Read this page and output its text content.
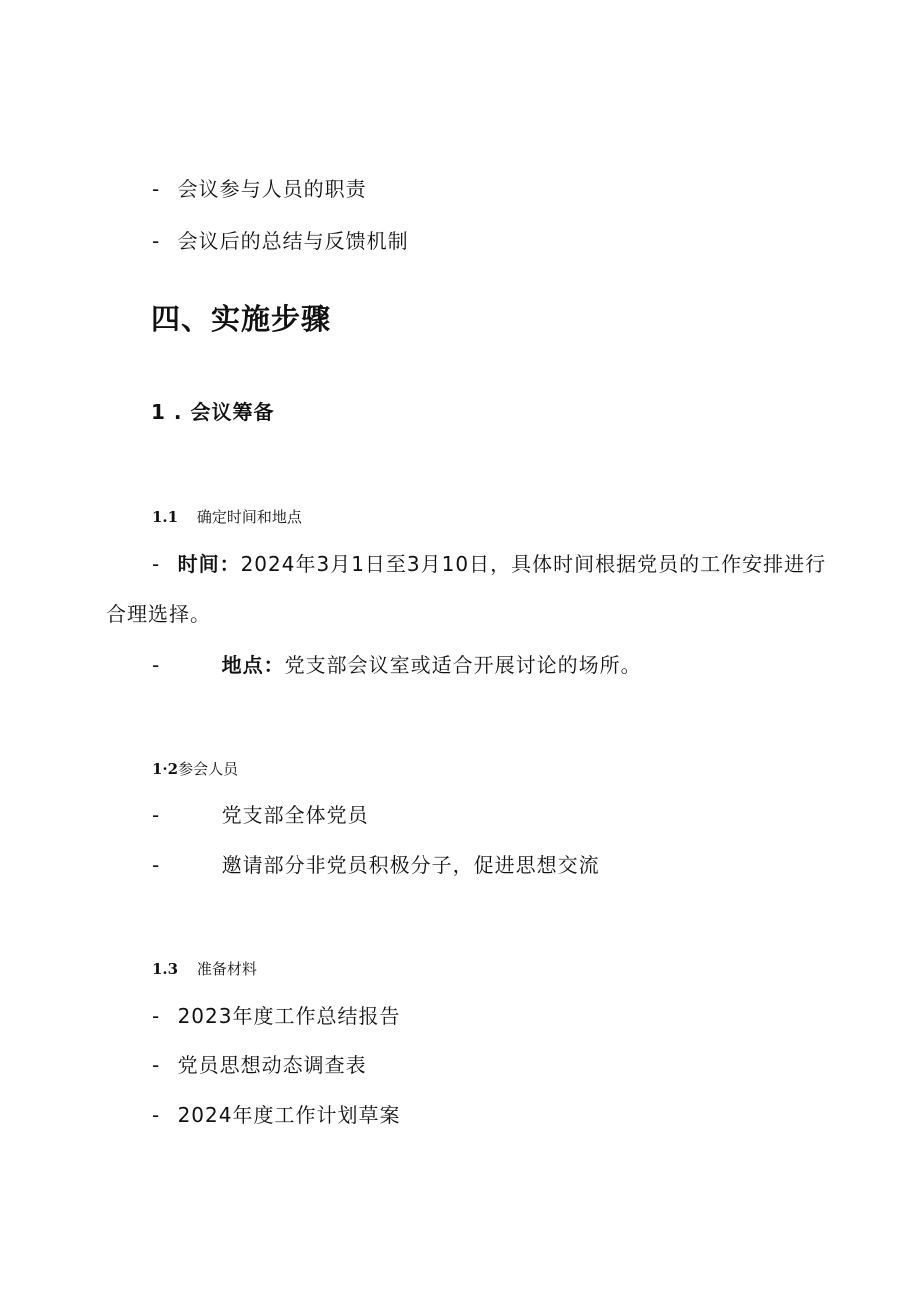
- 会议参与人员的职责
- 会议后的总结与反馈机制
四、实施步骤
1 . 会议筹备
1.1 确定时间和地点
- 时间：2024年3月1日至3月10日，具体时间根据党员的工作安排进行
合理选择。
-	地点：党支部会议室或适合开展讨论的场所。
1·2参会人员
-	党支部全体党员
-	邀请部分非党员积极分子，促进思想交流
1.3 准备材料
- 2023年度工作总结报告
- 党员思想动态调查表
- 2024年度工作计划草案
